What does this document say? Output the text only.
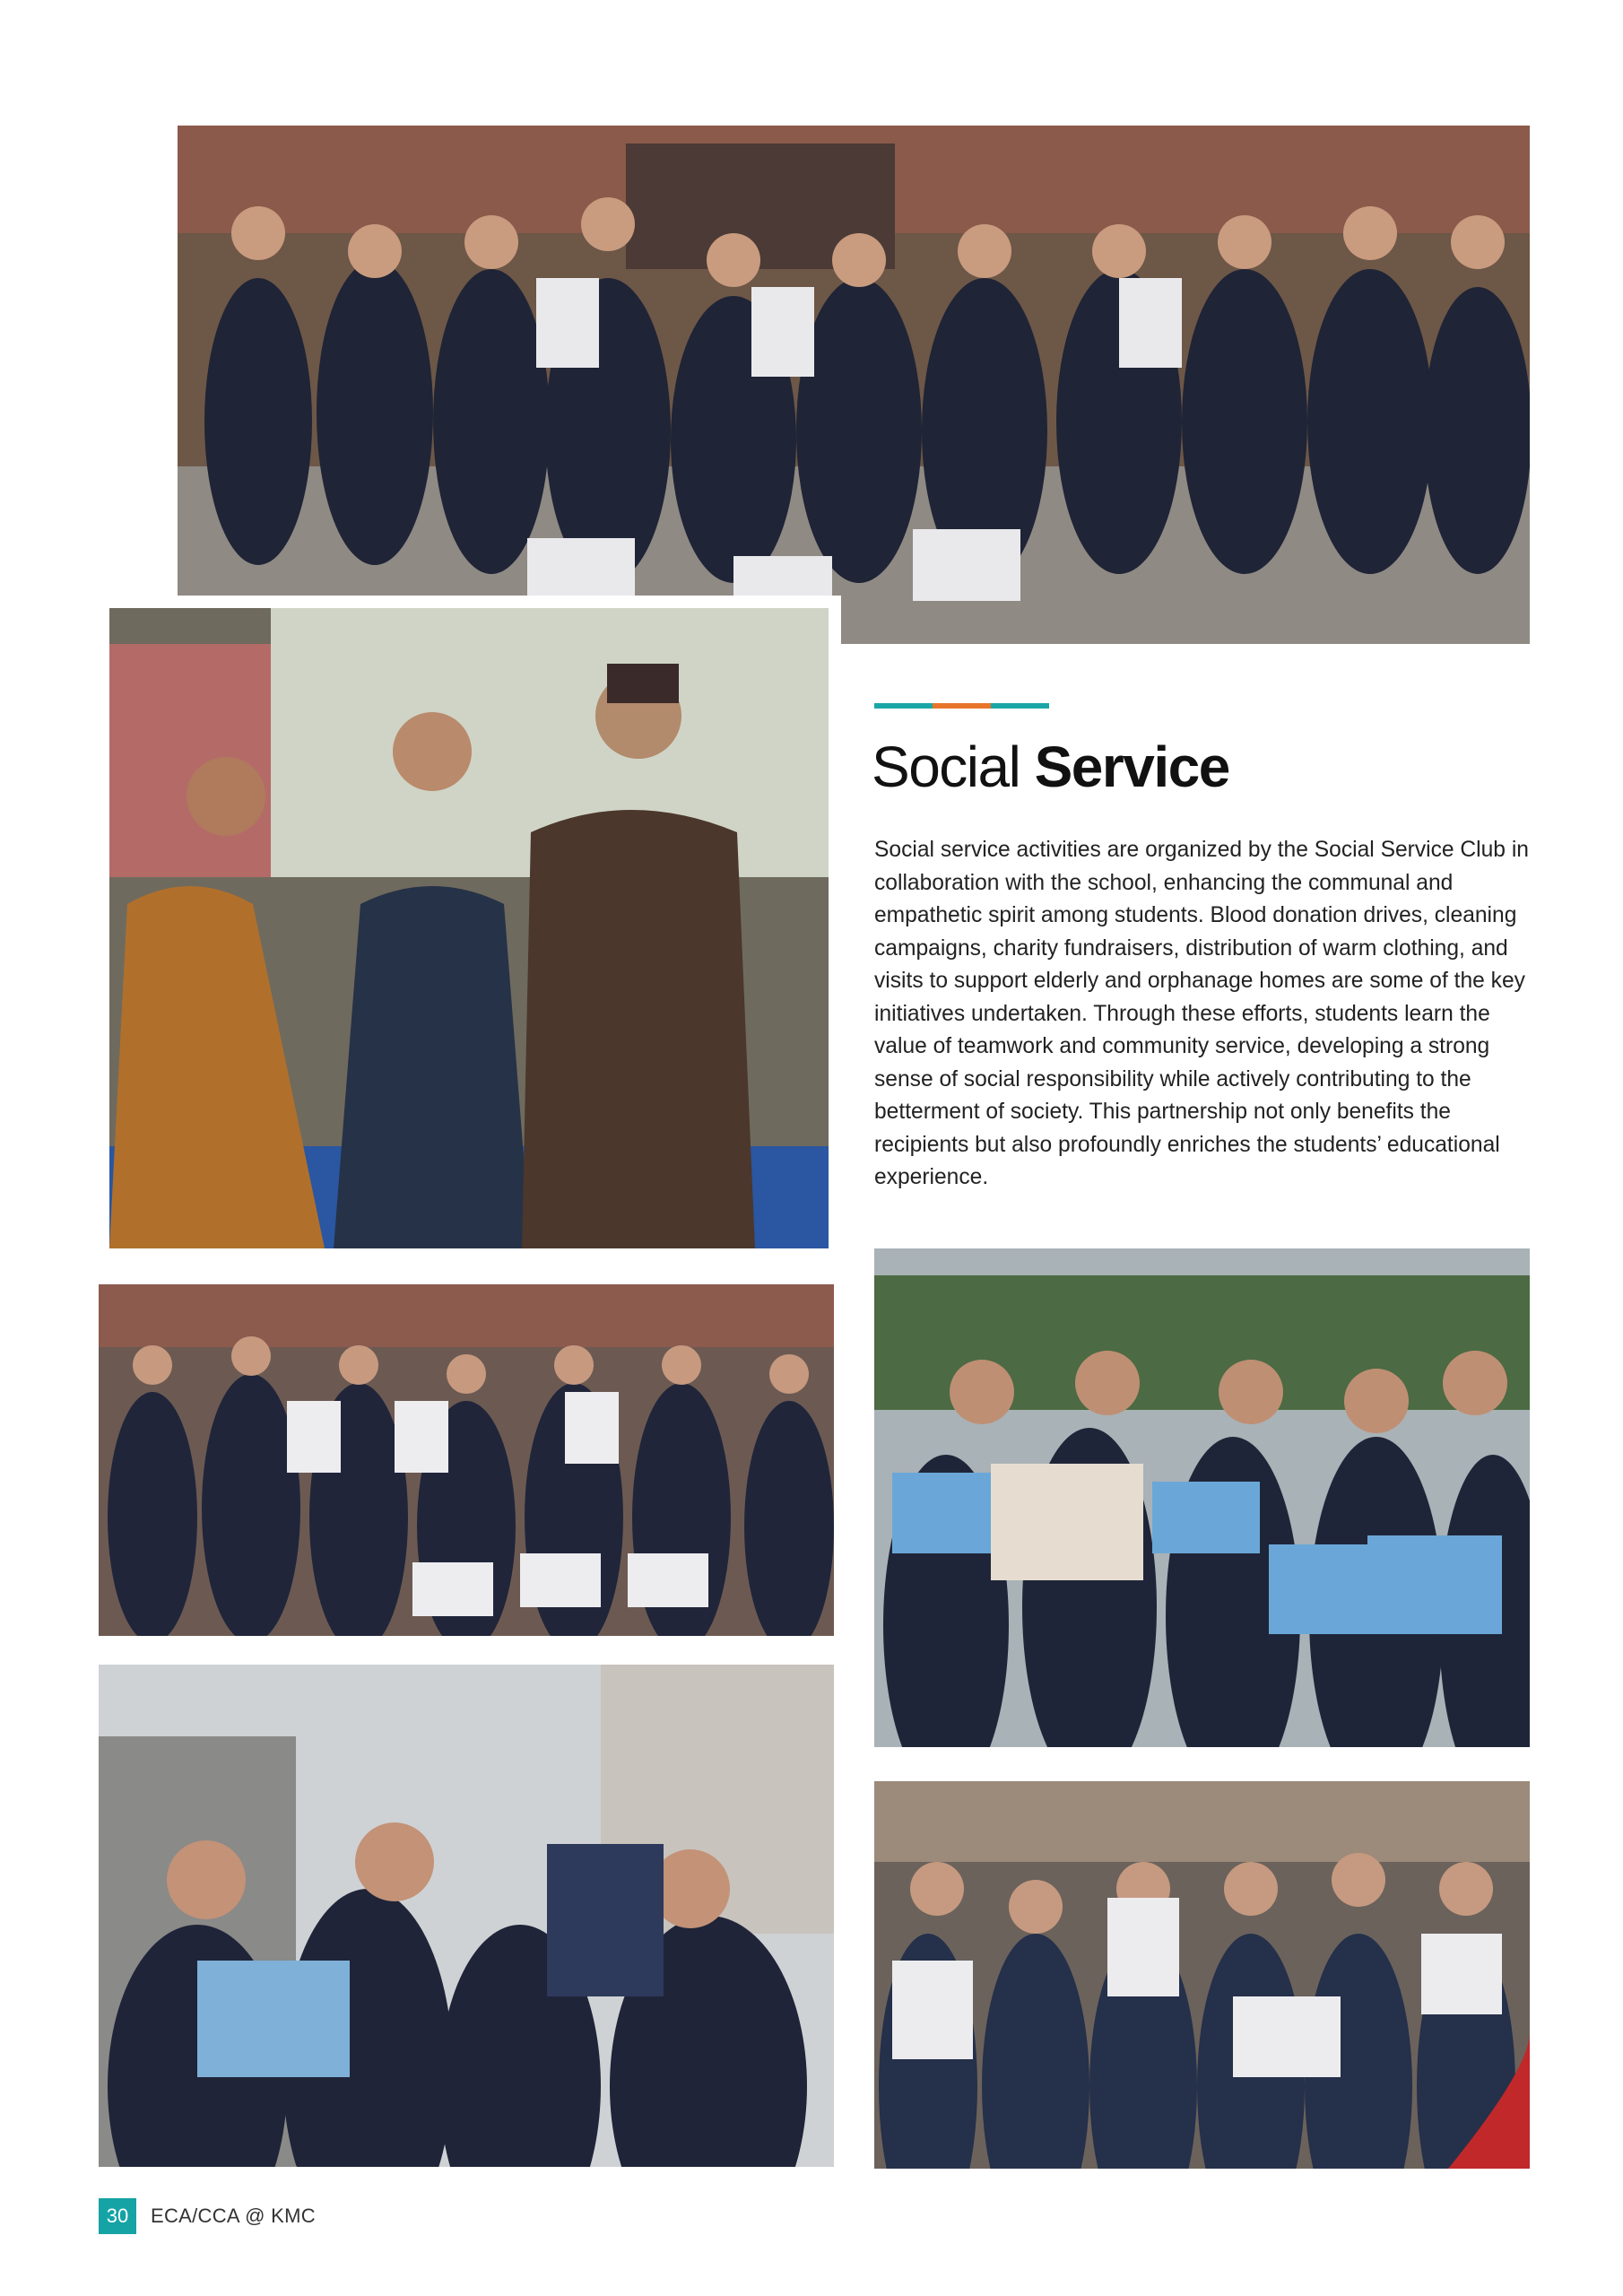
Social Service

Social service activities are organized by the Social Service Club in collaboration with the school, enhancing the communal and empathetic spirit among students. Blood donation drives, cleaning campaigns, charity fundraisers, distribution of warm clothing, and visits to support elderly and orphanage homes are some of the key initiatives undertaken. Through these efforts, students learn the value of teamwork and community service, developing a strong sense of social responsibility while actively contributing to the betterment of society. This partnership not only benefits the recipients but also profoundly enriches the students’ educational experience.

30	ECA/CCA @ KMC
